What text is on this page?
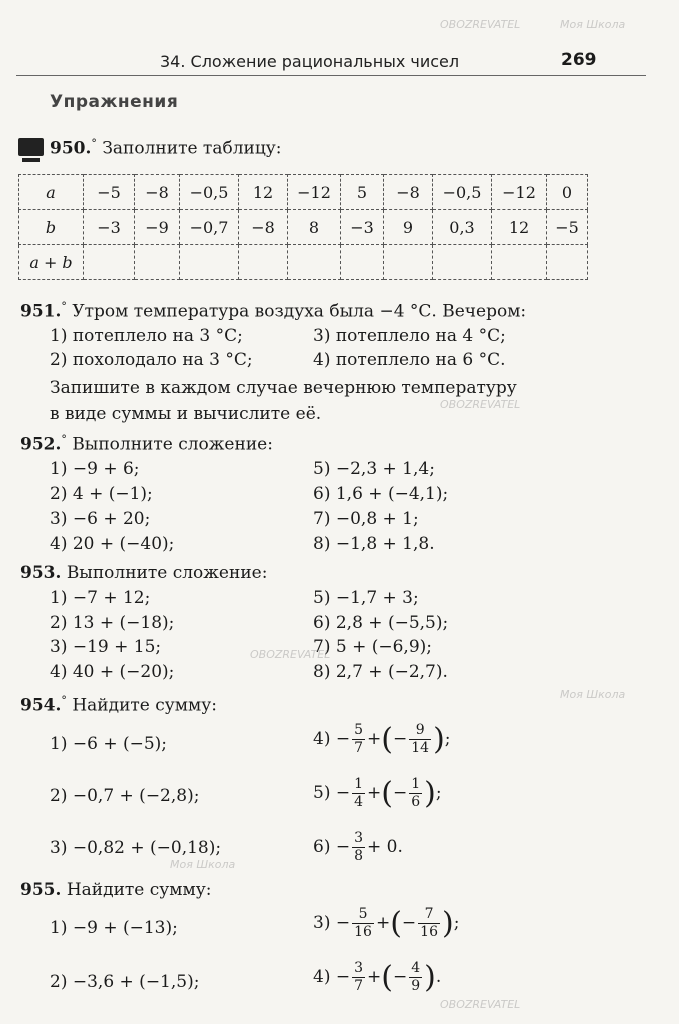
34. Сложение рациональных чисел	269
Упражнения
950.° Заполните таблицу:
a	−5	−8	−0,5	12	−12	5	−8	−0,5	−12	0
b	−3	−9	−0,7	−8	8	−3	9	0,3	12	−5
a + b										
951.° Утром температура воздуха была −4 °С. Вечером:
1) потеплело на 3 °С;	3) потеплело на 4 °С;
2) похолодало на 3 °С;	4) потеплело на 6 °С.
Запишите в каждом случае вечернюю температуру
в виде суммы и вычислите её.
952.° Выполните сложение:
1) −9 + 6;	5) −2,3 + 1,4;
2) 4 + (−1);	6) 1,6 + (−4,1);
3) −6 + 20;	7) −0,8 + 1;
4) 20 + (−40);	8) −1,8 + 1,8.
953. Выполните сложение:
1) −7 + 12;	5) −1,7 + 3;
2) 13 + (−18);	6) 2,8 + (−5,5);
3) −19 + 15;	7) 5 + (−6,9);
4) 40 + (−20);	8) 2,7 + (−2,7).
954.° Найдите сумму:
1) −6 + (−5);
2) −0,7 + (−2,8);
3) −0,82 + (−0,18);
$4) - \frac{5}{7}$ +(− $\frac{9}{14}$ );
$5) - \frac{1}{4}$ +(− $\frac{1}{6}$ );
$6) - \frac{3}{8} + 0$.
955. Найдите сумму:
1) −9 + (−13);
2) −3,6 + (−1,5);
$3) - \frac{5}{16}$ +(− $\frac{7}{16}$ );
$4) - \frac{3}{7}$ +(− $\frac{4}{9}$ ).
OBOZREVATEL	Моя Школа
OBOZREVATEL
OBOZREVATEL
Моя Школа
Моя Школа
OBOZREVATEL
